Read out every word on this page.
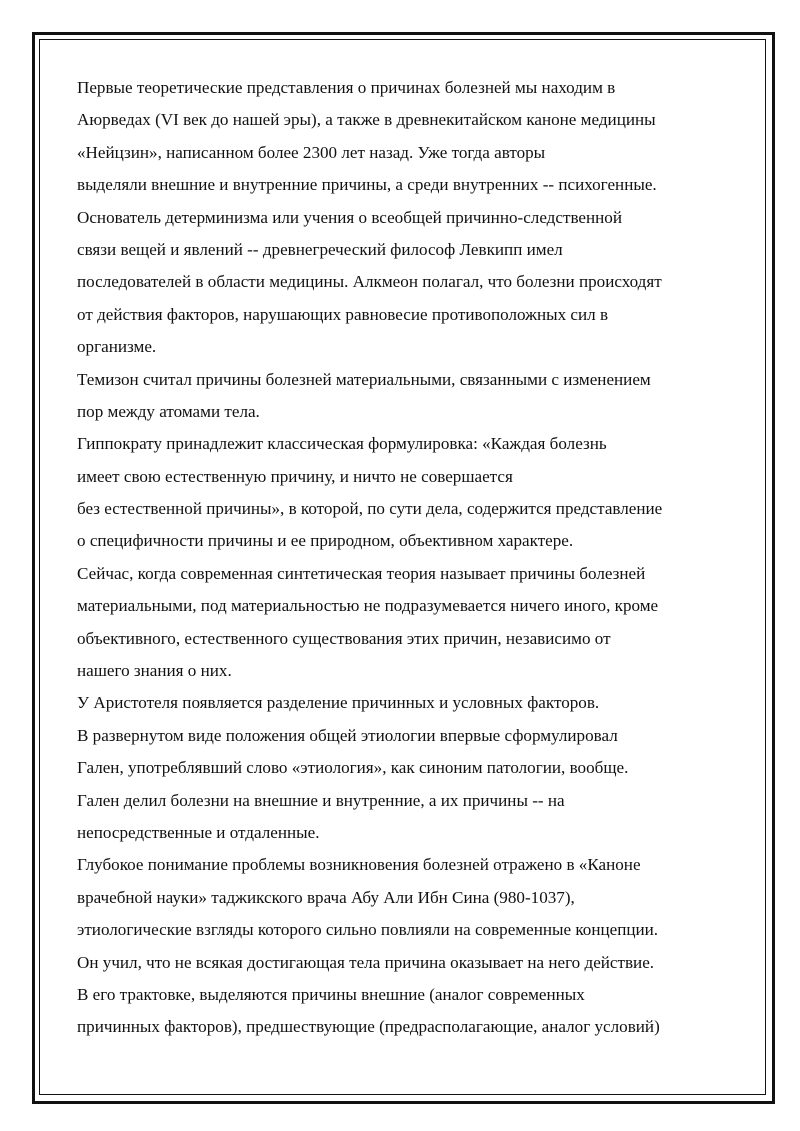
Первые теоретические представления о причинах болезней мы находим в
Аюрведах (VI век до нашей эры), а также в древнекитайском каноне медицины
«Нейцзин», написанном более 2300 лет назад. Уже тогда авторы
выделяли внешние и внутренние причины, а среди внутренних -- психогенные.
Основатель детерминизма или учения о всеобщей причинно-следственной
связи вещей и явлений -- древнегреческий философ Левкипп имел
последователей в области медицины. Алкмеон полагал, что болезни происходят
от действия факторов, нарушающих равновесие противоположных сил в
организме.
Темизон считал причины болезней материальными, связанными с изменением
пор между атомами тела.
Гиппократу принадлежит классическая формулировка: «Каждая болезнь
имеет свою естественную причину, и ничто не совершается
без естественной причины», в которой, по сути дела, содержится представление
о специфичности причины и ее природном, объективном характере.
Сейчас, когда современная синтетическая теория называет причины болезней
материальными, под материальностью не подразумевается ничего иного, кроме
объективного, естественного существования этих причин, независимо от
нашего знания о них.
У Аристотеля появляется разделение причинных и условных факторов.
В развернутом виде положения общей этиологии впервые сформулировал
Гален, употреблявший слово «этиология», как синоним патологии, вообще.
Гален делил болезни на внешние и внутренние, а их причины -- на
непосредственные и отдаленные.
Глубокое понимание проблемы возникновения болезней отражено в «Каноне
врачебной науки» таджикского врача Абу Али Ибн Сина (980-1037),
этиологические взгляды которого сильно повлияли на современные концепции.
Он учил, что не всякая достигающая тела причина оказывает на него действие.
В его трактовке, выделяются причины внешние (аналог современных
причинных факторов), предшествующие (предрасполагающие, аналог условий)
